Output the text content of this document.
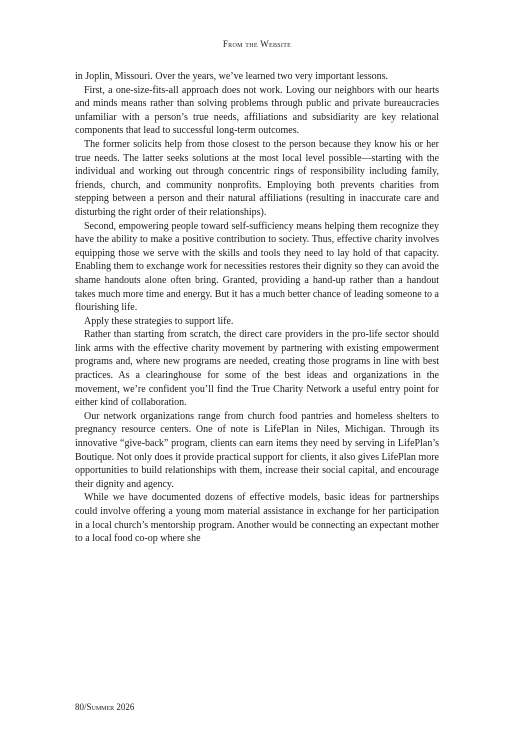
From the Website

in Joplin, Missouri. Over the years, we’ve learned two very important lessons.

First, a one-size-fits-all approach does not work. Loving our neighbors with our hearts and minds means rather than solving problems through public and private bureaucracies unfamiliar with a person’s true needs, affiliations and subsidiarity are key relational components that lead to successful long-term outcomes.

The former solicits help from those closest to the person because they know his or her true needs. The latter seeks solutions at the most local level possible—starting with the individual and working out through concentric rings of responsibility including family, friends, church, and community nonprofits. Employing both prevents charities from stepping between a person and their natural affiliations (resulting in inaccurate care and disturbing the right order of their relationships).

Second, empowering people toward self-sufficiency means helping them recognize they have the ability to make a positive contribution to society. Thus, effective charity involves equipping those we serve with the skills and tools they need to lay hold of that capacity. Enabling them to exchange work for necessities restores their dignity so they can avoid the shame handouts alone often bring. Granted, providing a hand-up rather than a handout takes much more time and energy. But it has a much better chance of leading someone to a flourishing life.

Apply these strategies to support life.

Rather than starting from scratch, the direct care providers in the pro-life sector should link arms with the effective charity movement by partnering with existing empowerment programs and, where new programs are needed, creating those programs in line with best practices. As a clearinghouse for some of the best ideas and organizations in the movement, we’re confident you’ll find the True Charity Network a useful entry point for either kind of collaboration.

Our network organizations range from church food pantries and homeless shelters to pregnancy resource centers. One of note is LifePlan in Niles, Michigan. Through its innovative “give-back” program, clients can earn items they need by serving in LifePlan’s Boutique. Not only does it provide practical support for clients, it also gives LifePlan more opportunities to build relationships with them, increase their social capital, and encourage their dignity and agency.

While we have documented dozens of effective models, basic ideas for partnerships could involve offering a young mom material assistance in exchange for her participation in a local church’s mentorship program. Another would be connecting an expectant mother to a local food co-op where she

80/Summer 2026
